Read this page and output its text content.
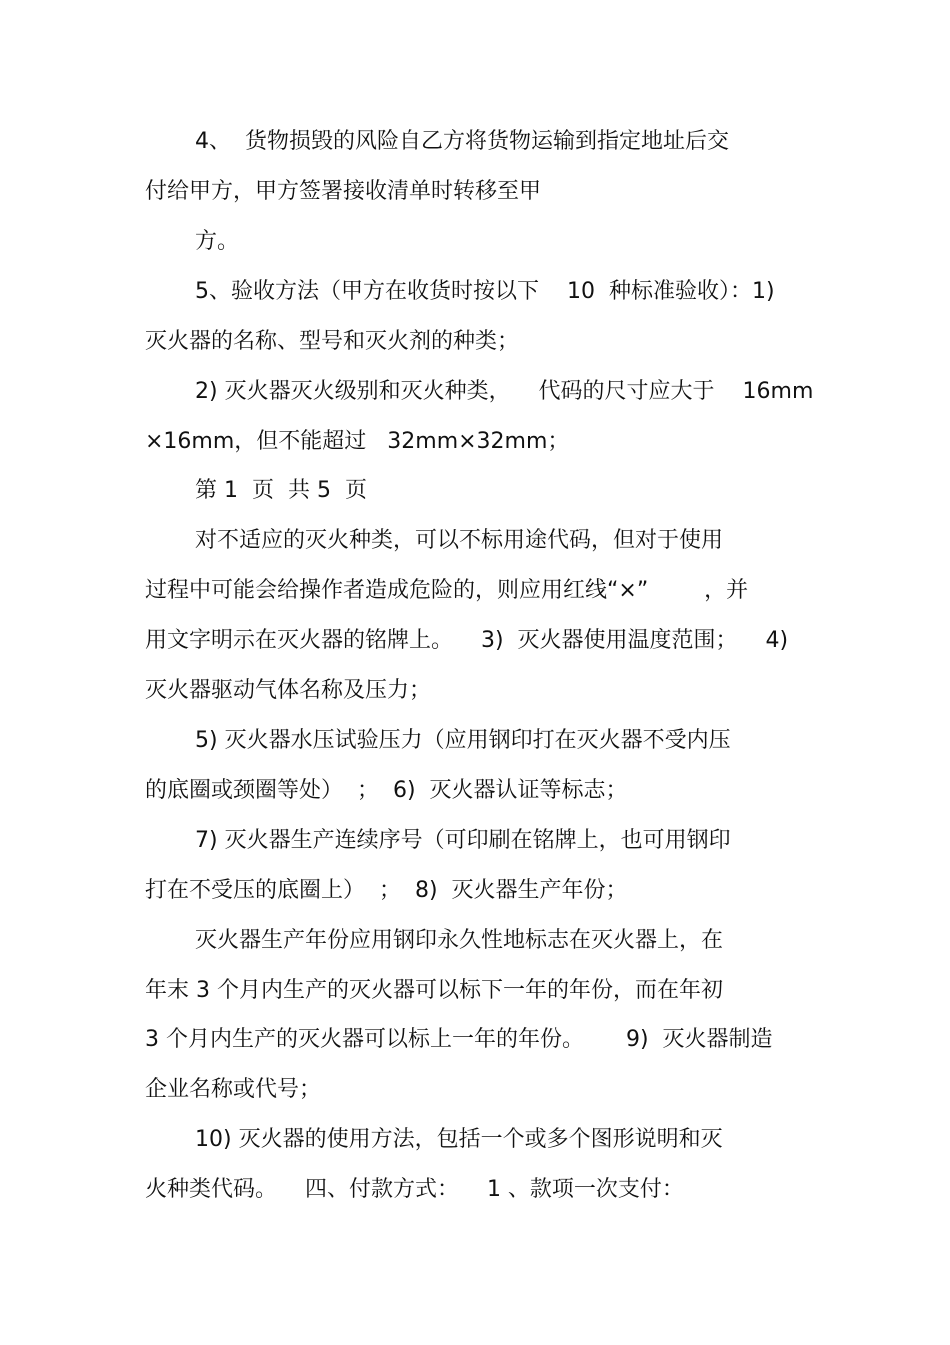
4、  货物损毁的风险自乙方将货物运输到指定地址后交
付给甲方，甲方签署接收清单时转移至甲
方。
5、验收方法（甲方在收货时按以下    10  种标准验收）：1)
灭火器的名称、型号和灭火剂的种类；
2) 灭火器灭火级别和灭火种类，    代码的尺寸应大于    16mm
×16mm，但不能超过   32mm×32mm；
第 1  页  共 5  页
对不适应的灭火种类，可以不标用途代码，但对于使用
过程中可能会给操作者造成危险的，则应用红线“×”        ，并
用文字明示在灭火器的铭牌上。    3)  灭火器使用温度范围；    4)
灭火器驱动气体名称及压力；
5) 灭火器水压试验压力（应用钢印打在灭火器不受内压
的底圈或颈圈等处）  ；  6)  灭火器认证等标志；
7) 灭火器生产连续序号（可印刷在铭牌上，也可用钢印
打在不受压的底圈上）  ；  8)  灭火器生产年份；
灭火器生产年份应用钢印永久性地标志在灭火器上，在
年末 3 个月内生产的灭火器可以标下一年的年份，而在年初
3 个月内生产的灭火器可以标上一年的年份。      9)  灭火器制造
企业名称或代号；
10) 灭火器的使用方法，包括一个或多个图形说明和灭
火种类代码。    四、付款方式：    1 、款项一次支付：
